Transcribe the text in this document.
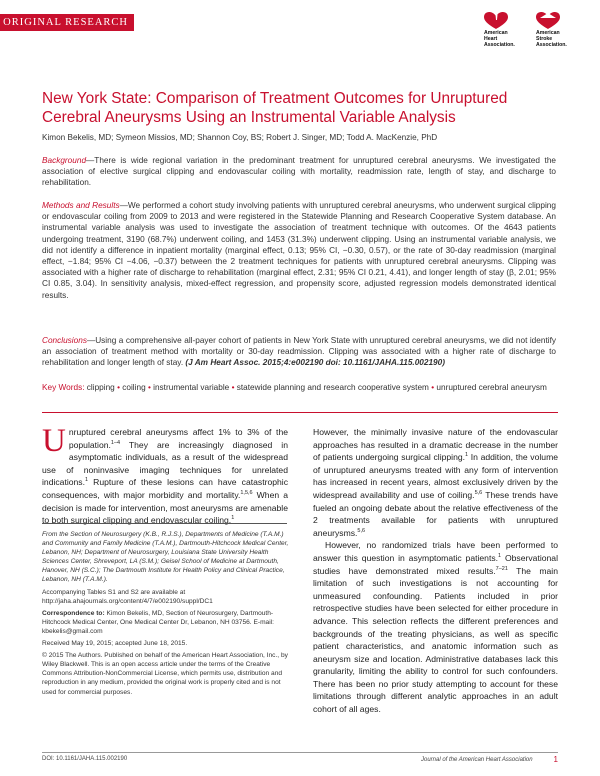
ORIGINAL RESEARCH
American
Heart
Association.
American
Stroke
Association.
New York State: Comparison of Treatment Outcomes for Unruptured Cerebral Aneurysms Using an Instrumental Variable Analysis
Kimon Bekelis, MD; Symeon Missios, MD; Shannon Coy, BS; Robert J. Singer, MD; Todd A. MacKenzie, PhD
Background—There is wide regional variation in the predominant treatment for unruptured cerebral aneurysms. We investigated the association of elective surgical clipping and endovascular coiling with mortality, readmission rate, length of stay, and discharge to rehabilitation.
Methods and Results—We performed a cohort study involving patients with unruptured cerebral aneurysms, who underwent surgical clipping or endovascular coiling from 2009 to 2013 and were registered in the Statewide Planning and Research Cooperative System database. An instrumental variable analysis was used to investigate the association of treatment technique with outcomes. Of the 4643 patients undergoing treatment, 3190 (68.7%) underwent coiling, and 1453 (31.3%) underwent clipping. Using an instrumental variable analysis, we did not identify a difference in inpatient mortality (marginal effect, 0.13; 95% CI, −0.30, 0.57), or the rate of 30-day readmission (marginal effect, −1.84; 95% CI −4.06, −0.37) between the 2 treatment techniques for patients with unruptured cerebral aneurysms. Clipping was associated with a higher rate of discharge to rehabilitation (marginal effect, 2.31; 95% CI 0.21, 4.41), and longer length of stay (β, 2.01; 95% CI 0.85, 3.04). In sensitivity analysis, mixed-effect regression, and propensity score, adjusted regression models demonstrated identical results.
Conclusions—Using a comprehensive all-payer cohort of patients in New York State with unruptured cerebral aneurysms, we did not identify an association of treatment method with mortality or 30-day readmission. Clipping was associated with a higher rate of discharge to rehabilitation and longer length of stay. (J Am Heart Assoc. 2015;4:e002190 doi: 10.1161/JAHA.115.002190)
Key Words: clipping • coiling • instrumental variable • statewide planning and research cooperative system • unruptured cerebral aneurysm

Unruptured cerebral aneurysms affect 1% to 3% of the population.$^{1-4}$ They are increasingly diagnosed in asymptomatic individuals, as a result of the widespread use of noninvasive imaging techniques for unrelated indications.$^1$ Rupture of these lesions can have catastrophic consequences, with major morbidity and mortality.$^{1,5,6}$ When a decision is made for intervention, most aneurysms are amenable to both surgical clipping and endovascular coiling.$^1$

From the Section of Neurosurgery (K.B., R.J.S.), Departments of Medicine (T.A.M.) and Community and Family Medicine (T.A.M.), Dartmouth-Hitchcock Medical Center, Lebanon, NH; Department of Neurosurgery, Louisiana State University Health Sciences Center, Shreveport, LA (S.M.); Geisel School of Medicine at Dartmouth, Hanover, NH (S.C.); The Dartmouth Institute for Health Policy and Clinical Practice, Lebanon, NH (T.A.M.).

Accompanying Tables S1 and S2 are available at http://jaha.ahajournals.org/content/4/7/e002190/suppl/DC1

Correspondence to: Kimon Bekelis, MD, Section of Neurosurgery, Dartmouth-Hitchcock Medical Center, One Medical Center Dr, Lebanon, NH 03756. E-mail: kbekelis@gmail.com

Received May 19, 2015; accepted June 18, 2015.

© 2015 The Authors. Published on behalf of the American Heart Association, Inc., by Wiley Blackwell. This is an open access article under the terms of the Creative Commons Attribution-NonCommercial License, which permits use, distribution and reproduction in any medium, provided the original work is properly cited and is not used for commercial purposes.

However, the minimally invasive nature of the endovascular approaches has resulted in a dramatic decrease in the number of patients undergoing surgical clipping.$^1$ In addition, the volume of unruptured aneurysms treated with any form of intervention has increased in recent years, almost exclusively driven by the widespread availability and use of coiling.$^{5,6}$ These trends have fueled an ongoing debate about the relative effectiveness of the 2 treatments available for patients with unruptured aneurysms.$^{5,6}$

However, no randomized trials have been performed to answer this question in asymptomatic patients.$^1$ Observational studies have demonstrated mixed results.$^{7-21}$ The main limitation of such investigations is not accounting for unmeasured confounding. Patients included in prior retrospective studies have been selected for either procedure in advance. This selection reflects the different preferences and backgrounds of the treating physicians, as well as specific patient characteristics, and anatomic information such as aneurysm size and location. Administrative databases lack this granularity, limiting the ability to control for such confounders. There has been no prior study attempting to account for these limitations through different analytic approaches in an adult cohort of all ages.

DOI: 10.1161/JAHA.115.002190	Journal of the American Heart Association	1
